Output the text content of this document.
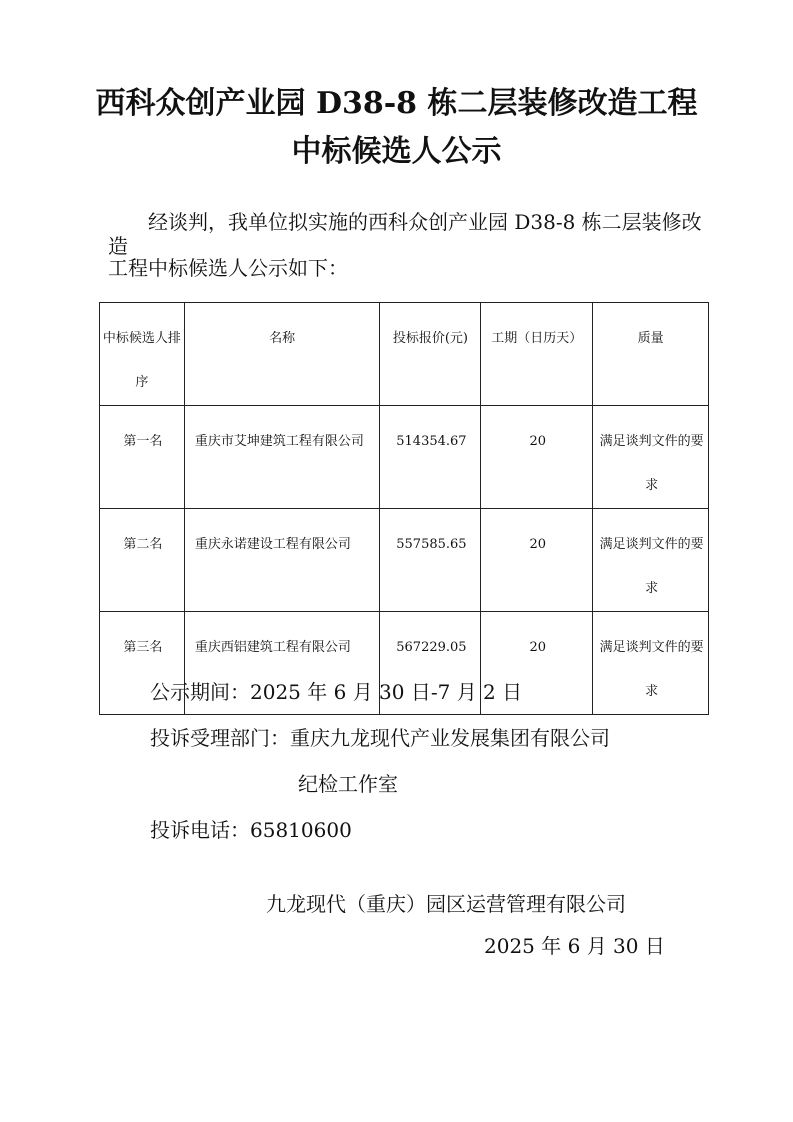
西科众创产业园 D38-8 栋二层装修改造工程
中标候选人公示
经谈判，我单位拟实施的西科众创产业园 D38-8 栋二层装修改造
工程中标候选人公示如下：
中标候选人排序	名称	投标报价(元)	工期（日历天）	质量

第一名	重庆市艾坤建筑工程有限公司	514354.67	20	满足谈判文件的要求

第二名	重庆永诺建设工程有限公司	557585.65	20	满足谈判文件的要求

第三名	重庆西铝建筑工程有限公司	567229.05	20	满足谈判文件的要求
公示期间：2025 年 6 月 30 日-7 月 2 日
投诉受理部门：重庆九龙现代产业发展集团有限公司
纪检工作室
投诉电话：65810600
九龙现代（重庆）园区运营管理有限公司
2025 年 6 月 30 日
